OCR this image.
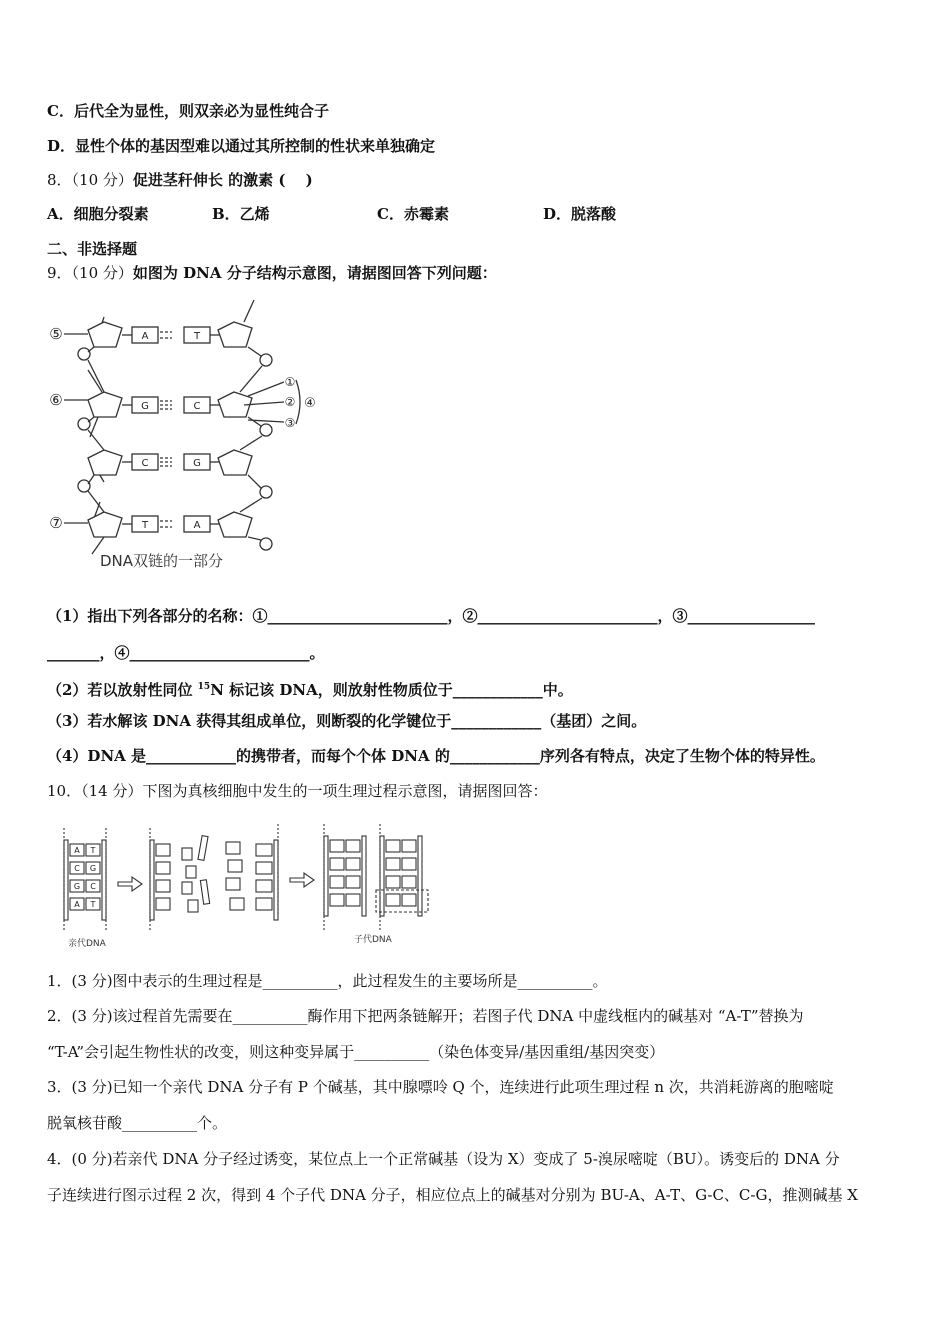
C．后代全为显性，则双亲必为显性纯合子
D．显性个体的基因型难以通过其所控制的性状来单独确定
8．（10 分）促进茎秆伸长 的激素 (　 )
A．细胞分裂素	B．乙烯	C．赤霉素	D．脱落酸
二、非选择题
9．（10 分）如图为 DNA 分子结构示意图，请据图回答下列问题：
A	T
G	C
C	G
T	A
⑤
⑥
⑦
①
②
③
④
DNA双链的一部分
（1）指出下列各部分的名称：①________________________，②________________________，③_________________
_______，④________________________。
（2）若以放射性同位 $^{15}$N 标记该 DNA，则放射性物质位于____________中。
（3）若水解该 DNA 获得其组成单位，则断裂的化学键位于____________（基团）之间。
（4）DNA 是____________的携带者，而每个个体 DNA 的____________序列各有特点，决定了生物个体的特异性。
10．（14 分）下图为真核细胞中发生的一项生理过程示意图，请据图回答：
A T
C G
G C
A T
亲代DNA	子代DNA
1．(3 分)图中表示的生理过程是__________，此过程发生的主要场所是__________。
2．(3 分)该过程首先需要在__________酶作用下把两条链解开；若图子代 DNA 中虚线框内的碱基对 “A-T”替换为
“T-A”会引起生物性状的改变，则这种变异属于__________（染色体变异/基因重组/基因突变）
3．(3 分)已知一个亲代 DNA 分子有 P 个碱基，其中腺嘌呤 Q 个，连续进行此项生理过程 n 次，共消耗游离的胞嘧啶
脱氧核苷酸__________个。
4．(0 分)若亲代 DNA 分子经过诱变，某位点上一个正常碱基（设为 X）变成了 5-溴尿嘧啶（BU）。诱变后的 DNA 分
子连续进行图示过程 2 次，得到 4 个子代 DNA 分子，相应位点上的碱基对分别为 BU-A、A-T、G-C、C-G，推测碱基 X
